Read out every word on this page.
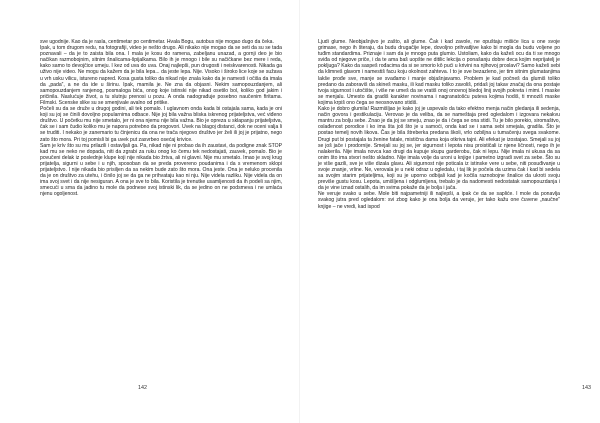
sve ugodnije. Kao da je rasla, centimetar po centimetar. Hvala Bogu, autobus nije mogao dugo da čeka.

Ipak, u tom drugom redu, na fotografiji, video je nešto drugo. Ali nikako nije mogao da se seti da su se tada poznavali – da je to zaista bila ona. I mala je kosu do ramena, zabeljanu unazad, a gornji deo je bio načikan razmobojnim, sitnim šnalicama-špijalkama. Bilo ih je mnogo i bile su načičkane bez mere i reda, kako samo to devojčice umeju. I kez od uva do uva. Onaj najlepši, pun drugosti i neiskvarenosti. Nikada ga uživo nije video. Ne mogu da kažem da je bila lepa... da jeste lepa. Nije. Visoko i široko lice koje se sužava u vrh usku vilicu, istureno napred. Kosa gusta toliko da nikad nije znala kako da je namesti i očiša da imala da „padа”, a ne da ide u širinu. Ipak, mamila je. Ne zna da objasni. Nekim samopouzdanjem, ali samopouzdanjem ranjenog, posmaloga bića, onog koje istinski nije nikad osetilo bol, koliko god jakim i pričinila. Naslućuje život, a tu slutnju prenosi u pozu. A onda nadograđuje posebno naučenim firitama. Filmski. Scenske slike su se smenjivale avalno od pritike.

Počeli su da se druže u drugoj godini, ali tek pomalo. I uglavnom onda kada bi ostajala sama, kada je oni koji su joj se činili dovoljno popularnima odbace. Nije joj bila važna bliska iskrenog prijateljstva, već viđeno društvo. U početku mu nije smetalo, jer ni ona njemu nije bila važna. Bio je opreza u sklapanju prijateljstva, čak se i sam čudio koliko mu je napora potrebno da progovori. Uvek na blagoj distanci, dok ne oceni valja li se truditi. I nekako je zanemario tu činjenicu da ona ne trača njegovo društvo jer želi ili joj je prijatno, nego zato što mora. Pri toj pomisli bi ga uvek put zasvrbeo osećaj krivice.

Sam je krív što su mu prilazili i ostavljali ga. Pa, nikad nije ni probao da ih zaustavi, da podigne znak STOP kad mu se neko ne dopada, niti da zgrabi za ruku onog ko čemu tek nedostajati, zauvek, pomalo. Bio je povučeni delak iz poslednje klupe koji nije nikada bio žrtva, ali ni glavni. Nije mu smetalo. Imao je svoj krug prijatelja, sigurni u sebe i u njih, sposoban da se preda provereno poudanima i da s vremenom sklopi prijateljstvo. I nije nikada bio prisiljen da sa nekim bude zato što mora. Ona jeste. Ona je neluko procenila da je on društvo za utehu, i činilo joj se da ga ne prihvataju kao ni nju. Nije videla razliku. Nije videla da on ima svoj svet i da nije nesiguran. A ona je sve to bila. Koristila je trenutke usamljenosti da ih podeli sa njim, smecući u sma da jadino tu mole da podnese svoj istinski lik, da se jedino on ne podsmeva i ne umlaća njenu ogoljenost.

142

Ljudi glume. Neobjašnjivo je zašto, ali glume. Čak i kad zavole, ne opuštaju mišiće lica u one svoje grimase, nego ih šteraju, da budu drugačije lepe, dovoljno prihvatljive kako bi mogla da budu voljene po tuđim standardima. Priznaje i sam da je mnogo puta glumio. Ustoliam, kako da kažeš ocu da ti se mnogo sviđa od njegove priče, i da te ama baš uopšte ne ditilic lekcija o ponašanju dobre deca kojim neprijatelj je pokljuga? Kako da saspeš rođacima da si se smorio kô pući u krivini na njihovoj proslavi? Samo kažeš sebi da klimneš glavom i namestiš facu koju okolnost zahteva. I to je sve bezazleno, jer tim sitnim glumatanjima lakše prođe sve, manje se svađamo i manje objašnjavamo. Problem je kad počneš da glumiš toliko predano da zaboraviš da skineš masku, ili kad masku toliko zavoliš, pridaš joj takav značaj da ona postaje tvoja sigurnost i utočište, i više ne umeš da se vratiš onoj onovnoj bledoj linij svojih pokreta i mimi. I maske se menjalu. Umesto da gradiš karakter novinama i nagranatošću puteva kojima hodiš, ti mnoziš maske kojima krpiš ono čega se neosnovano stidiš.

Kako je dobro glumila! Razmišljao je kako joj je uspevalo da tako efektno menja način gledanja ili sedenja, način govora i gestikulaciju. Verovao je da veliba, da se nameštaja pred ogledalom i izgovara nekakvu mantru za bolju sebe. Znao je da joj se smeju, znao je da i čega se ona stidi. Tu je bilo porekio, siromaštvo, oslađenost porodice i ko ima šta još što je u samoći, onda kad se i sama sebi smejala, gradila. Što je postao temelj novih likova. Čas je bila štreberka predana školi, vrlo ozbiljna u tumačenju svega svakome. Drugi put bi postajala ta ženine fatale, mističnа dama koja otkriva tajni. Ali efekat je izostajao. Smejali su joj se još jače i prodornije. Smejali su joj se, jer sigurnost i lepota nisu proističali iz njene ličnosti, nego ih je nalakerila. Nije imala novca kao drugi da kupuje skupu garderobu, čak ni lepu. Nije imala ni ukusa da sa onim što ima stvori nešto skladno. Nije imala volje da uroni u knjige i pametno izgradi svet za sebe. Što su je više gazili, sve je više dizala glavu. Ali sigurnost nije poticala iz istinske vere u sebe, niti posuđivanje u svoje znanje, vrline. Ne, verovala je u neki odraz u ogledalu, i taj lik je počela da uzima čak i kad bi sedela sa svojim starim prijateljima, koji su je uporno odbijali kad je kočila raznobojne šnalice da ukroti svoju previše gustu kosu. Lepota, umišljena i odglumljena, trebalo je da nadomesti nedostatak samopouzdanja i da je vine iznad ostalih, da im svima pokaže da je bolja i jača.

Ne veruje svako u sebe. Mole biti najpametniji ili najlepši, a ipak će da se sapliće. I mole da ponavlja svakog jutra pred ogledalom: svi zbog kako je ona bolja da veruje, jer tako kažu one čuvene „naučne” knjige – ne vredi, kad ispod

143
